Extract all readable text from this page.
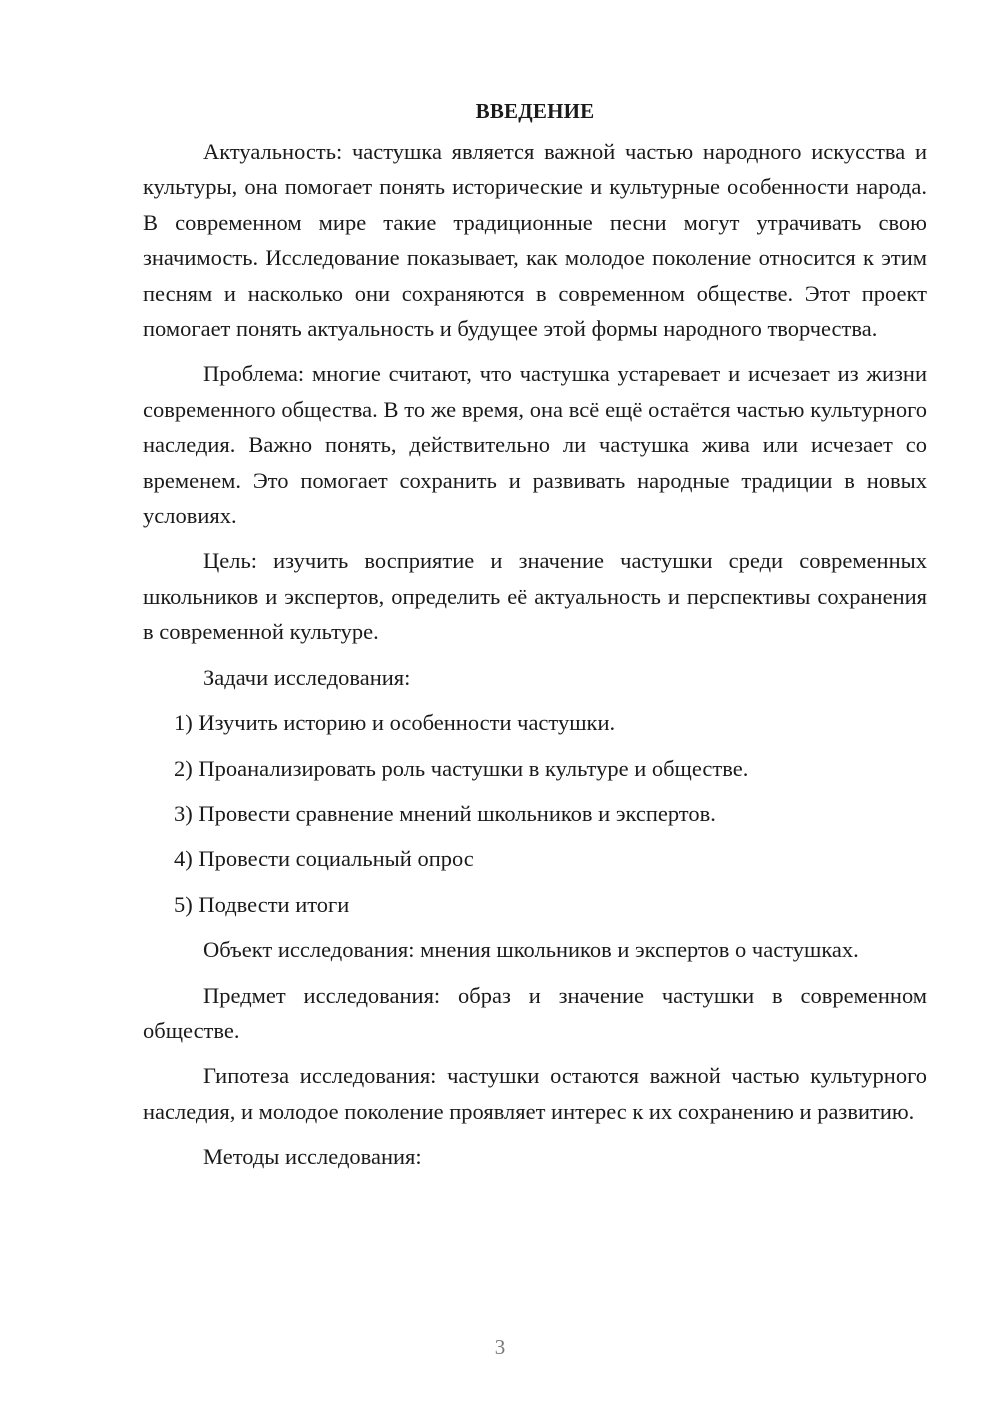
ВВЕДЕНИЕ

Актуальность: частушка является важной частью народного искусства и культуры, она помогает понять исторические и культурные особенности народа. В современном мире такие традиционные песни могут утрачивать свою значимость. Исследование показывает, как молодое поколение относится к этим песням и насколько они сохраняются в современном обществе. Этот проект помогает понять актуальность и будущее этой формы народного творчества.

Проблема: многие считают, что частушка устаревает и исчезает из жизни современного общества. В то же время, она всё ещё остаётся частью культурного наследия. Важно понять, действительно ли частушка жива или исчезает со временем. Это помогает сохранить и развивать народные традиции в новых условиях.

Цель: изучить восприятие и значение частушки среди современных школьников и экспертов, определить её актуальность и перспективы сохранения в современной культуре.

Задачи исследования:

1) Изучить историю и особенности частушки.
2) Проанализировать роль частушки в культуре и обществе.
3) Провести сравнение мнений школьников и экспертов.
4) Провести социальный опрос
5) Подвести итоги

Объект исследования: мнения школьников и экспертов о частушках.

Предмет исследования: образ и значение частушки в современном обществе.

Гипотеза исследования: частушки остаются важной частью культурного наследия, и молодое поколение проявляет интерес к их сохранению и развитию.

Методы исследования:

3
